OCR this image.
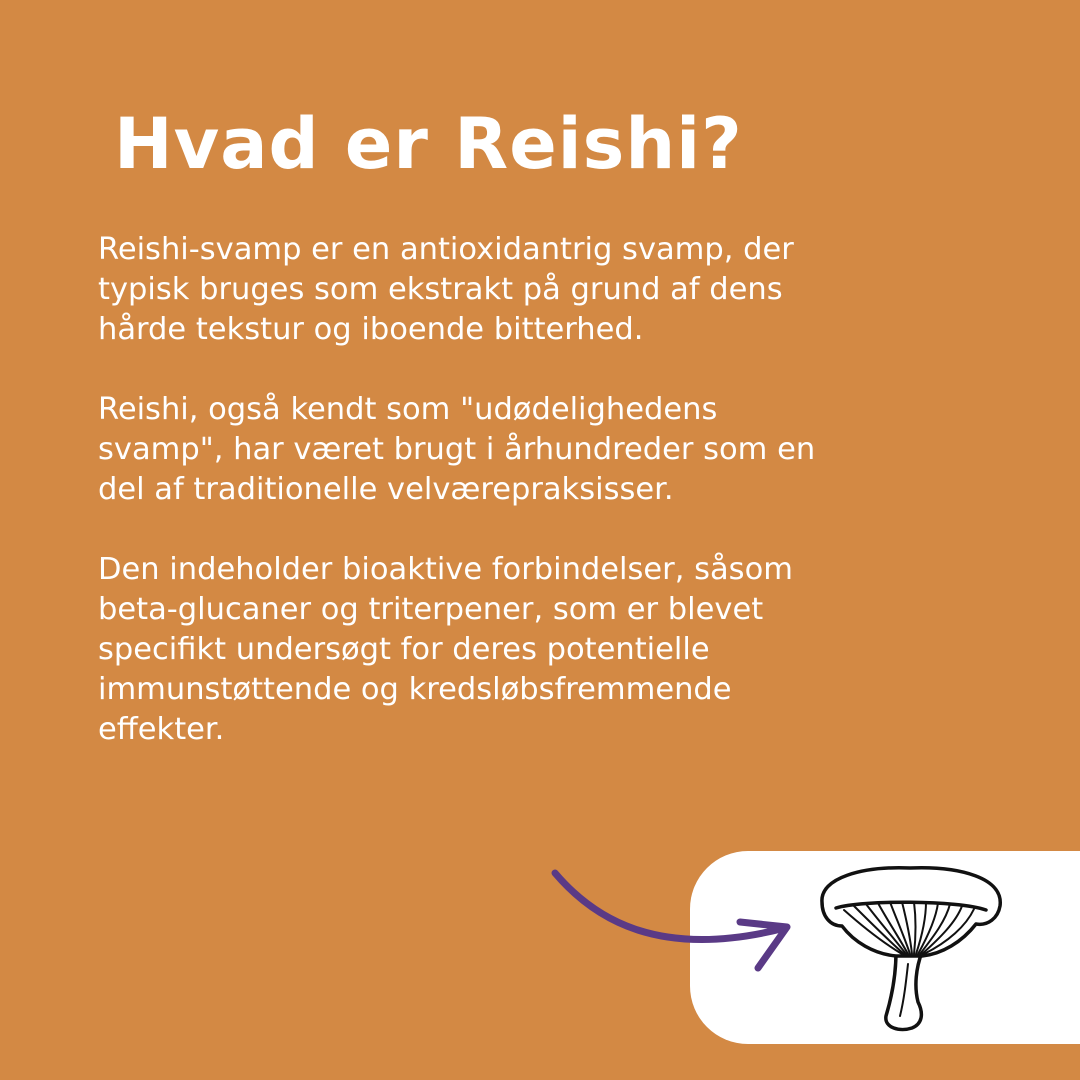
Hvad er Reishi?

Reishi-svamp er en antioxidantrig svamp, der
typisk bruges som ekstrakt på grund af dens
hårde tekstur og iboende bitterhed.

Reishi, også kendt som "udødelighedens
svamp", har været brugt i århundreder som en
del af traditionelle velværepraksisser.

Den indeholder bioaktive forbindelser, såsom
beta-glucaner og triterpener, som er blevet
specifikt undersøgt for deres potentielle
immunstøttende og kredsløbsfremmende
effekter.
